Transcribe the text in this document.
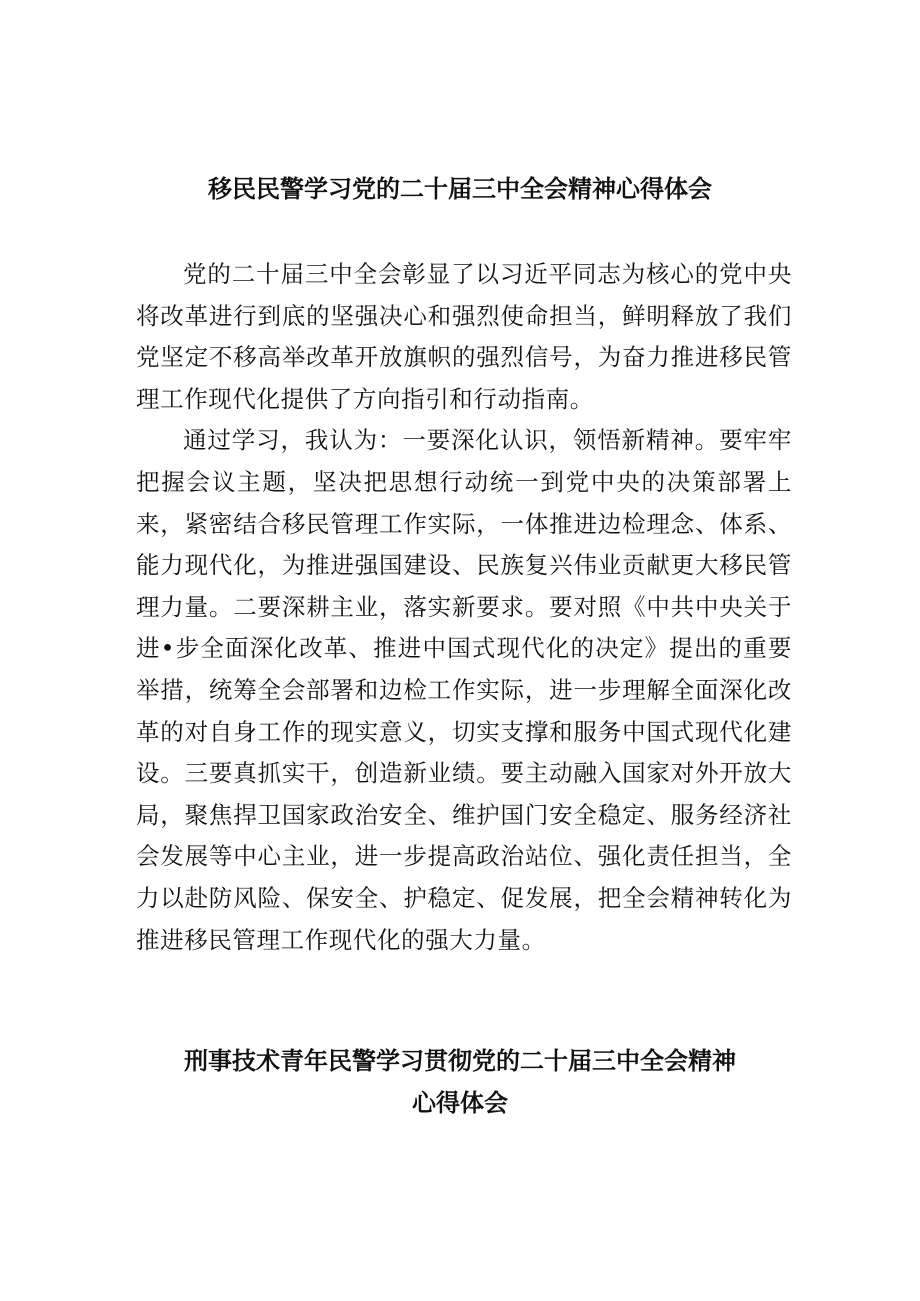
移民民警学习党的二十届三中全会精神心得体会

党的二十届三中全会彰显了以习近平同志为核心的党中央将改革进行到底的坚强决心和强烈使命担当，鲜明释放了我们党坚定不移高举改革开放旗帜的强烈信号，为奋力推进移民管理工作现代化提供了方向指引和行动指南。

通过学习，我认为：一要深化认识，领悟新精神。要牢牢把握会议主题，坚决把思想行动统一到党中央的决策部署上来，紧密结合移民管理工作实际，一体推进边检理念、体系、能力现代化，为推进强国建设、民族复兴伟业贡献更大移民管理力量。二要深耕主业，落实新要求。要对照《中共中央关于进•步全面深化改革、推进中国式现代化的决定》提出的重要举措，统筹全会部署和边检工作实际，进一步理解全面深化改革的对自身工作的现实意义，切实支撑和服务中国式现代化建设。三要真抓实干，创造新业绩。要主动融入国家对外开放大局，聚焦捍卫国家政治安全、维护国门安全稳定、服务经济社会发展等中心主业，进一步提高政治站位、强化责任担当，全力以赴防风险、保安全、护稳定、促发展，把全会精神转化为推进移民管理工作现代化的强大力量。

刑事技术青年民警学习贯彻党的二十届三中全会精神
心得体会
